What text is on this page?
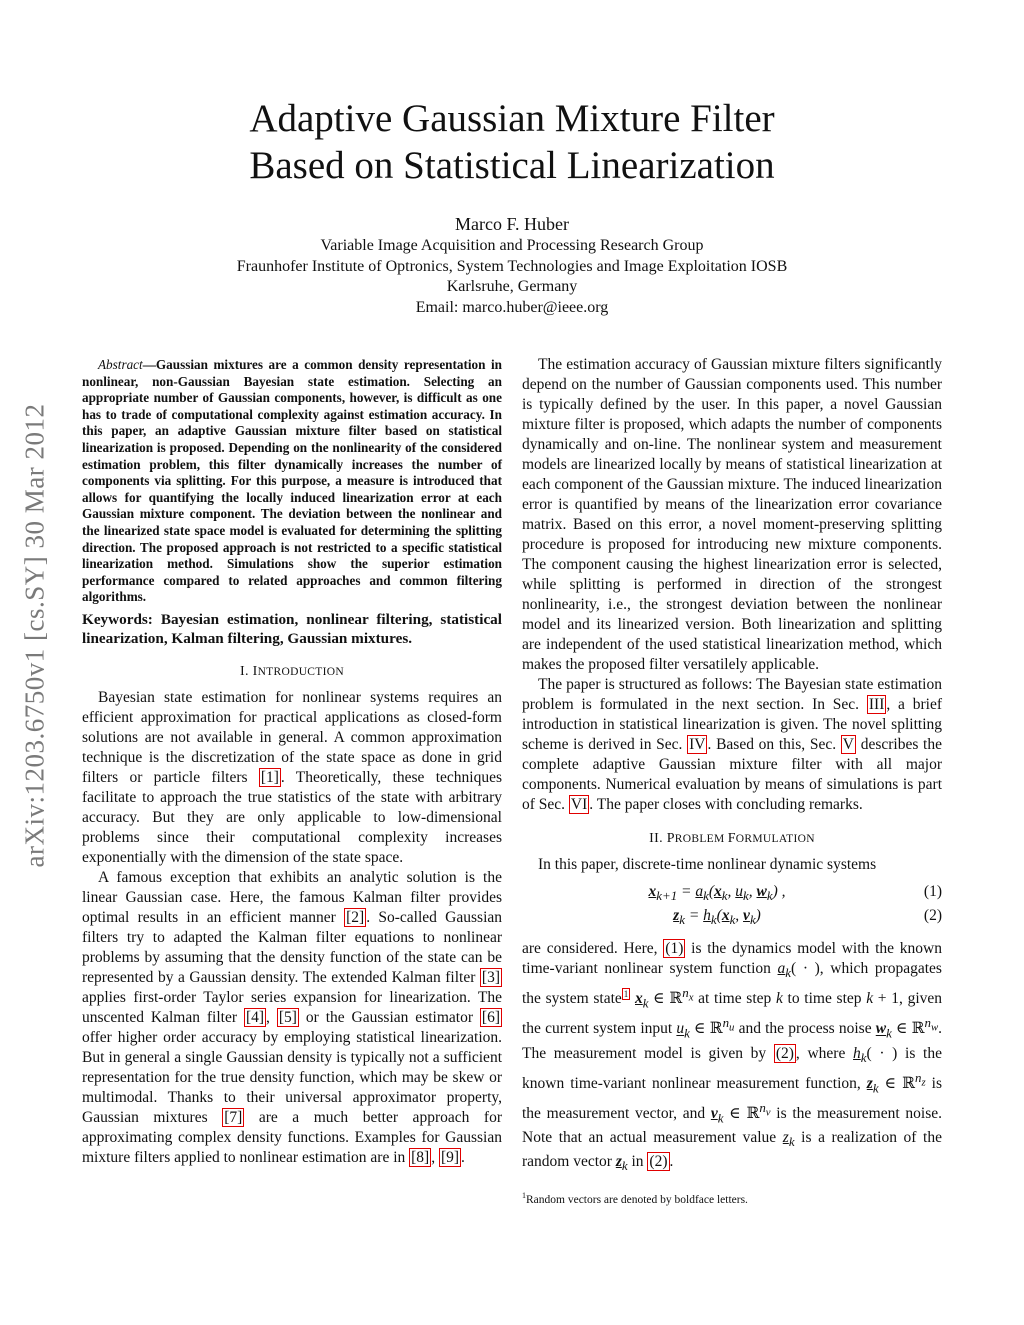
arXiv:1203.6750v1 [cs.SY] 30 Mar 2012
Adaptive Gaussian Mixture Filter
Based on Statistical Linearization
Marco F. Huber
Variable Image Acquisition and Processing Research Group
Fraunhofer Institute of Optronics, System Technologies and Image Exploitation IOSB
Karlsruhe, Germany
Email: marco.huber@ieee.org

Abstract—Gaussian mixtures are a common density representation in nonlinear, non-Gaussian Bayesian state estimation. Selecting an appropriate number of Gaussian components, however, is difficult as one has to trade of computational complexity against estimation accuracy. In this paper, an adaptive Gaussian mixture filter based on statistical linearization is proposed. Depending on the nonlinearity of the considered estimation problem, this filter dynamically increases the number of components via splitting. For this purpose, a measure is introduced that allows for quantifying the locally induced linearization error at each Gaussian mixture component. The deviation between the nonlinear and the linearized state space model is evaluated for determining the splitting direction. The proposed approach is not restricted to a specific statistical linearization method. Simulations show the superior estimation performance compared to related approaches and common filtering algorithms.

Keywords: Bayesian estimation, nonlinear filtering, statistical linearization, Kalman filtering, Gaussian mixtures.

I. INTRODUCTION

Bayesian state estimation for nonlinear systems requires an efficient approximation for practical applications as closed-form solutions are not available in general. A common approximation technique is the discretization of the state space as done in grid filters or particle filters [1] . Theoretically, these techniques facilitate to approach the true statistics of the state with arbitrary accuracy. But they are only applicable to low-dimensional problems since their computational complexity increases exponentially with the dimension of the state space.

A famous exception that exhibits an analytic solution is the linear Gaussian case. Here, the famous Kalman filter provides optimal results in an efficient manner [2] . So-called Gaussian filters try to adapted the Kalman filter equations to nonlinear problems by assuming that the density function of the state can be represented by a Gaussian density. The extended Kalman filter [3] applies first-order Taylor series expansion for linearization. The unscented Kalman filter [4] , [5] or the Gaussian estimator [6] offer higher order accuracy by employing statistical linearization. But in general a single Gaussian density is typically not a sufficient representation for the true density function, which may be skew or multimodal. Thanks to their universal approximator property, Gaussian mixtures [7] are a much better approach for approximating complex density functions. Examples for Gaussian mixture filters applied to nonlinear estimation are in [8] , [9] .

The estimation accuracy of Gaussian mixture filters significantly depend on the number of Gaussian components used. This number is typically defined by the user. In this paper, a novel Gaussian mixture filter is proposed, which adapts the number of components dynamically and on-line. The nonlinear system and measurement models are linearized locally by means of statistical linearization at each component of the Gaussian mixture. The induced linearization error is quantified by means of the linearization error covariance matrix. Based on this error, a novel moment-preserving splitting procedure is proposed for introducing new mixture components. The component causing the highest linearization error is selected, while splitting is performed in direction of the strongest nonlinearity, i.e., the strongest deviation between the nonlinear model and its linearized version. Both linearization and splitting are independent of the used statistical linearization method, which makes the proposed filter versatilely applicable.

The paper is structured as follows: The Bayesian state estimation problem is formulated in the next section. In Sec. III , a brief introduction in statistical linearization is given. The novel splitting scheme is derived in Sec. IV . Based on this, Sec. V describes the complete adaptive Gaussian mixture filter with all major components. Numerical evaluation by means of simulations is part of Sec. VI . The paper closes with concluding remarks.

II. PROBLEM FORMULATION

In this paper, discrete-time nonlinear dynamic systems

$x_{k+1} = a_k(x_k$, $u_k$, $w_k$) ,	(1)
$z_k = h_k(x_k$, $v_k$)	(2)

are considered. Here, (1) is the dynamics model with the known time-variant nonlinear system function $a_k$( · ), which propagates the system state $^1$ $x_k$ ∈ ℝ$^{n_x}$ at time step k to time step k + 1, given the current system input $u_k$ ∈ ℝ$^{n_u}$ and the process noise $w_k$ ∈ ℝ$^{n_w}$. The measurement model is given by (2) , where $h_k$( · ) is the known time-variant nonlinear measurement function, $z_k$ ∈ ℝ$^{n_z}$ is the measurement vector, and $v_k$ ∈ ℝ$^{n_v}$ is the measurement noise. Note that an actual measurement value $z_k$ is a realization of the random vector $z_k$ in (2) .

$^1$Random vectors are denoted by boldface letters.
